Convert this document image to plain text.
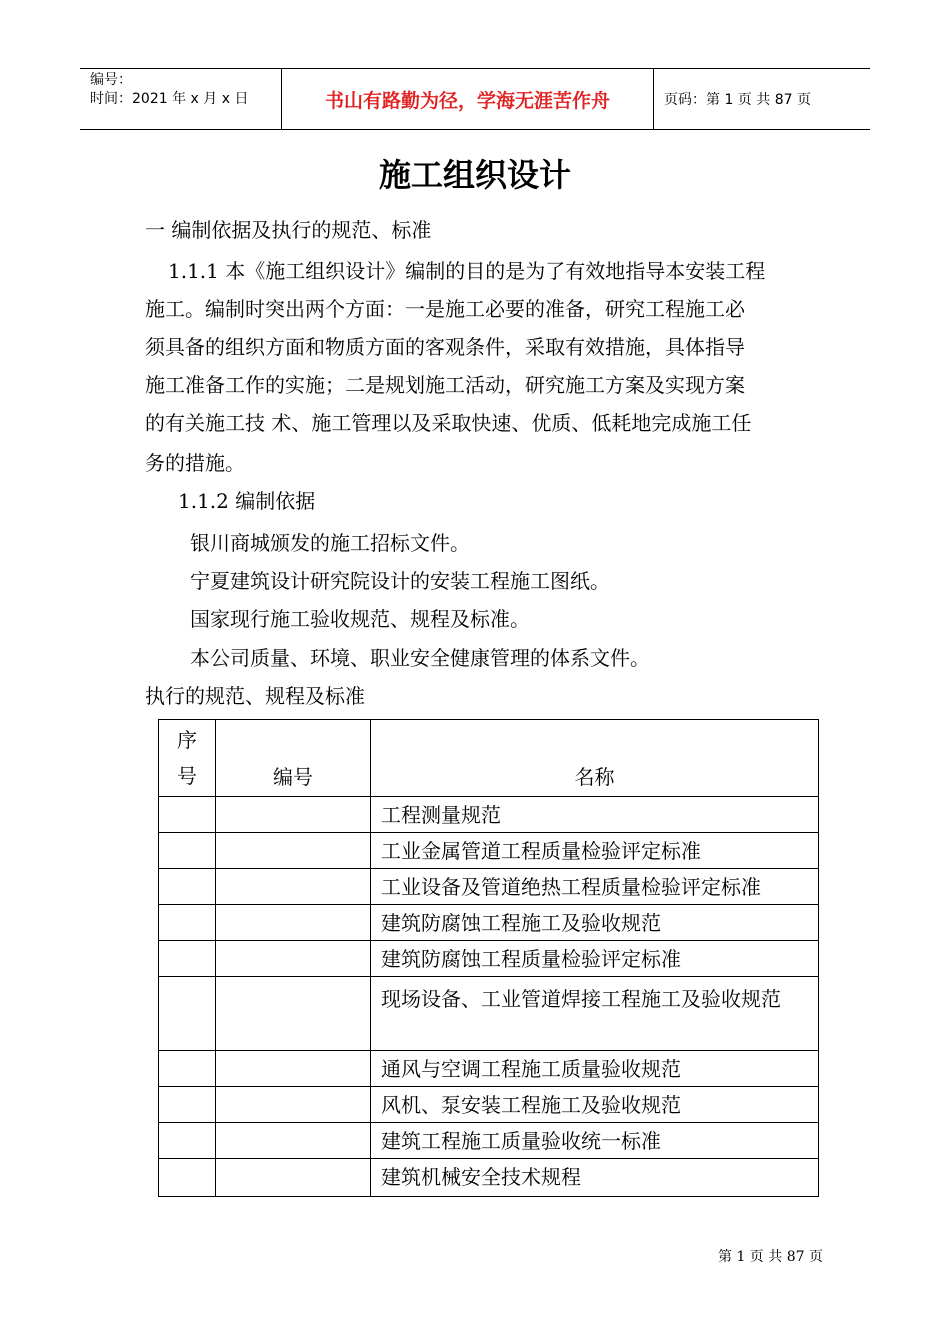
编号：
时间：2021 年 x 月 x 日	书山有路勤为径，学海无涯苦作舟	页码：第 1 页 共 87 页
施工组织设计
一 编制依据及执行的规范、标准
1.1.1 本《施工组织设计》编制的目的是为了有效地指导本安装工程
施工。编制时突出两个方面：一是施工必要的准备，研究工程施工必
须具备的组织方面和物质方面的客观条件，采取有效措施，具体指导
施工准备工作的实施；二是规划施工活动，研究施工方案及实现方案
的有关施工技 术、施工管理以及采取快速、优质、低耗地完成施工任
务的措施。
1.1.2 编制依据
银川商城颁发的施工招标文件。
宁夏建筑设计研究院设计的安装工程施工图纸。
国家现行施工验收规范、规程及标准。
本公司质量、环境、职业安全健康管理的体系文件。
执行的规范、规程及标准
序
号	编号	名称
		工程测量规范
		工业金属管道工程质量检验评定标准
		工业设备及管道绝热工程质量检验评定标准
		建筑防腐蚀工程施工及验收规范
		建筑防腐蚀工程质量检验评定标准
		现场设备、工业管道焊接工程施工及验收规范
		通风与空调工程施工质量验收规范
		风机、泵安装工程施工及验收规范
		建筑工程施工质量验收统一标准
		建筑机械安全技术规程
第 1 页 共 87 页
